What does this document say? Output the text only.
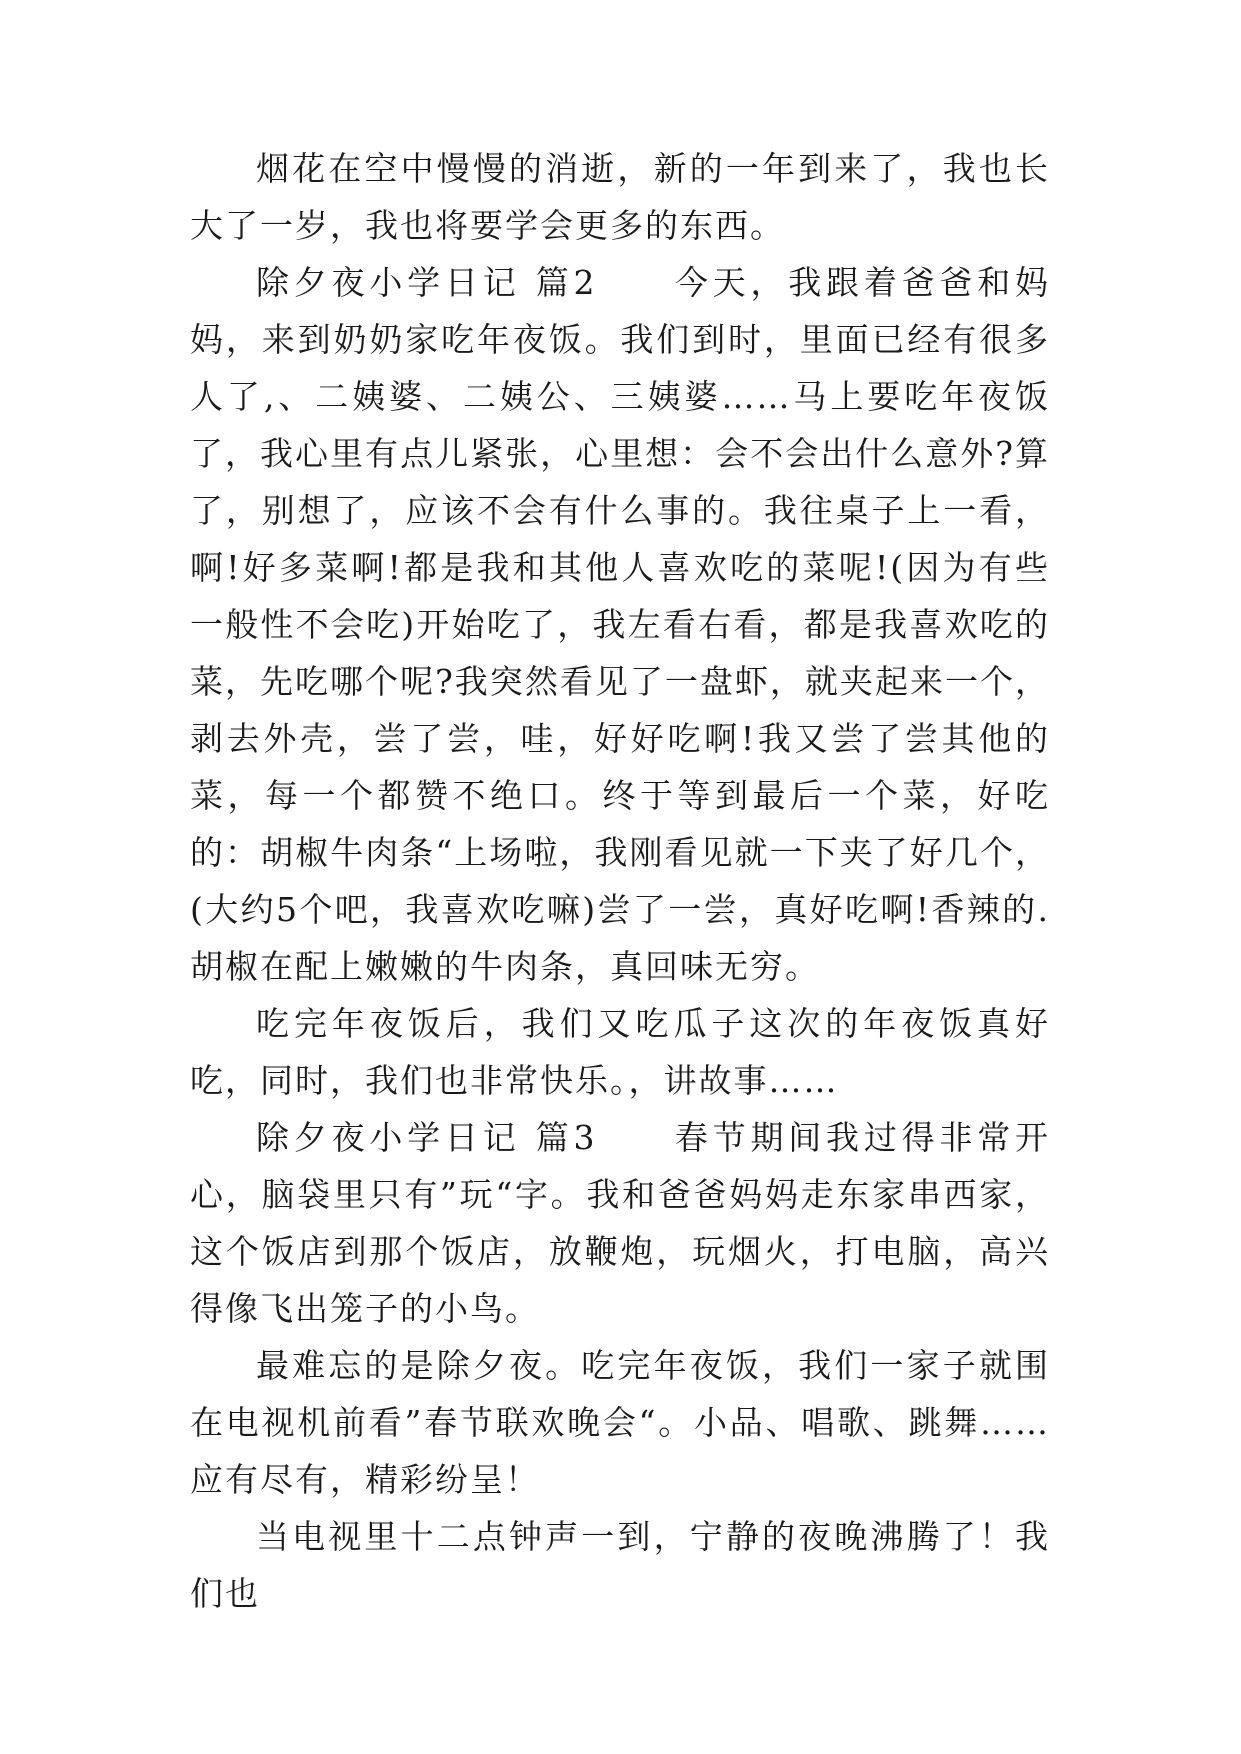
烟花在空中慢慢的消逝，新的一年到来了，我也长大了一岁，我也将要学会更多的东西。

除夕夜小学日记 篇2　　今天，我跟着爸爸和妈妈，来到奶奶家吃年夜饭。我们到时，里面已经有很多人了,、二姨婆、二姨公、三姨婆……马上要吃年夜饭了，我心里有点儿紧张，心里想：会不会出什么意外?算了，别想了，应该不会有什么事的。我往桌子上一看，啊!好多菜啊!都是我和其他人喜欢吃的菜呢!(因为有些一般性不会吃)开始吃了，我左看右看，都是我喜欢吃的菜，先吃哪个呢?我突然看见了一盘虾，就夹起来一个，剥去外壳，尝了尝，哇，好好吃啊!我又尝了尝其他的菜，每一个都赞不绝口。终于等到最后一个菜，好吃的：胡椒牛肉条“上场啦，我刚看见就一下夹了好几个，(大约5个吧，我喜欢吃嘛)尝了一尝，真好吃啊!香辣的.胡椒在配上嫩嫩的牛肉条，真回味无穷。

吃完年夜饭后，我们又吃瓜子这次的年夜饭真好吃，同时，我们也非常快乐。，讲故事……

除夕夜小学日记 篇3　　春节期间我过得非常开心，脑袋里只有”玩“字。我和爸爸妈妈走东家串西家，这个饭店到那个饭店，放鞭炮，玩烟火，打电脑，高兴得像飞出笼子的小鸟。

最难忘的是除夕夜。吃完年夜饭，我们一家子就围在电视机前看”春节联欢晚会“。小品、唱歌、跳舞……应有尽有，精彩纷呈！

当电视里十二点钟声一到，宁静的夜晚沸腾了！我们也
